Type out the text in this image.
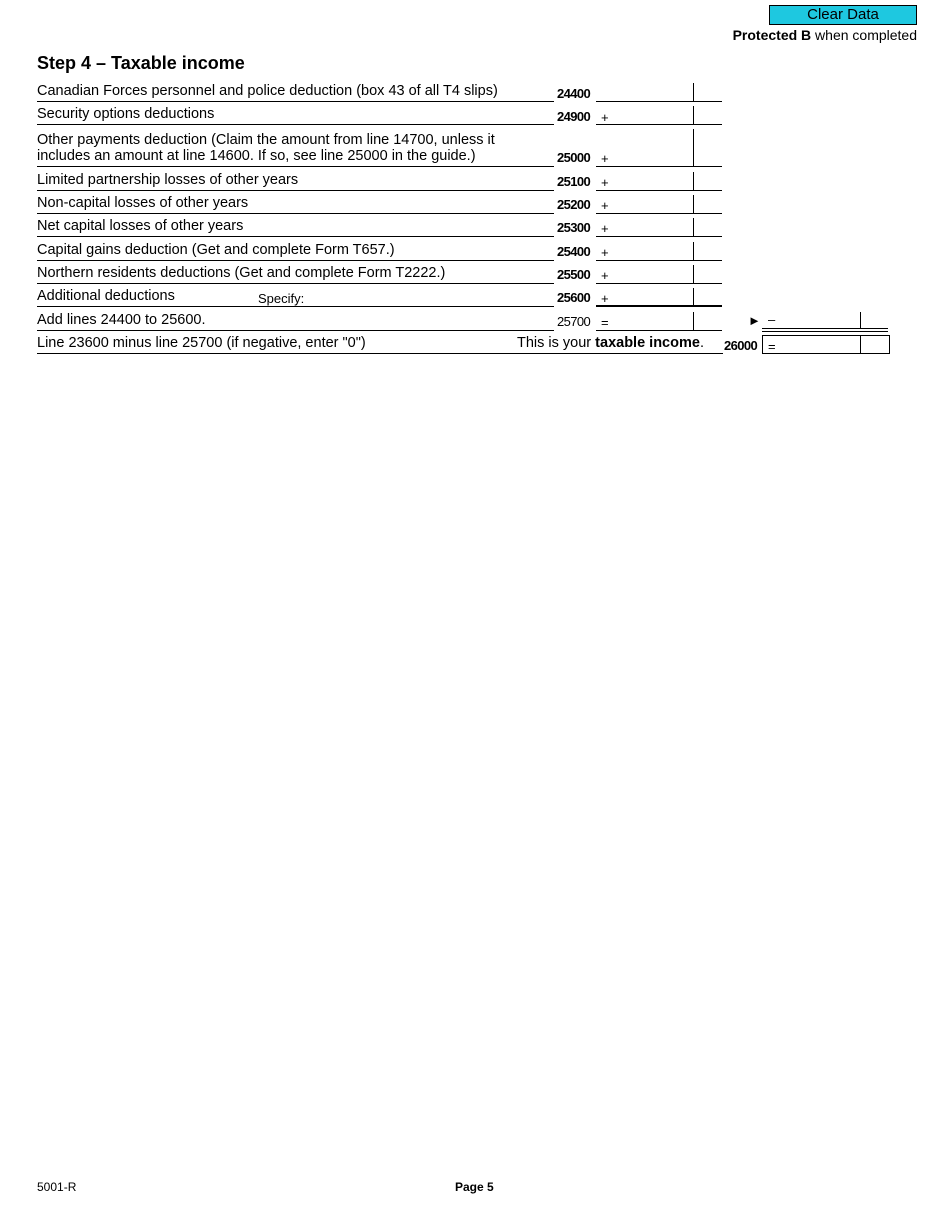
Clear Data
Protected B when completed
Step 4 – Taxable income
Canadian Forces personnel and police deduction (box 43 of all T4 slips)	24400
Security options deductions	24900 +
Other payments deduction (Claim the amount from line 14700, unless it
includes an amount at line 14600. If so, see line 25000 in the guide.)	25000 +
Limited partnership losses of other years	25100 +
Non-capital losses of other years	25200 +
Net capital losses of other years	25300 +
Capital gains deduction (Get and complete Form T657.)	25400 +
Northern residents deductions (Get and complete Form T2222.)	25500 +
Additional deductions	Specify:	25600 +
Add lines 24400 to 25600.	25700 =	► –
Line 23600 minus line 25700 (if negative, enter "0")	This is your taxable income. 26000 =
5001-R	Page 5
